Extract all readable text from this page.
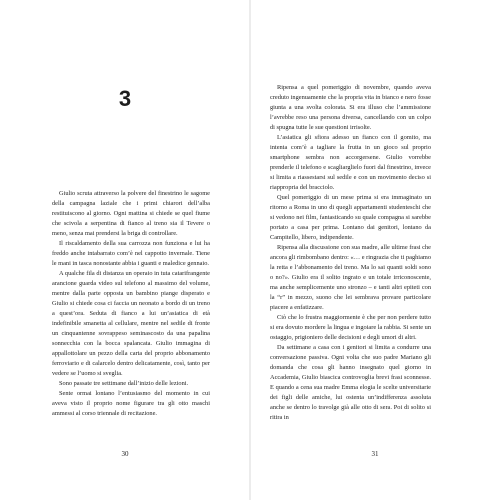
3

Giulio scruta attraverso la polvere del finestrino le sagome della campagna laziale che i primi chiarori dell’alba restituiscono al giorno. Ogni mattina si chiede se quel fiume che scivola a serpentina di fianco al treno sia il Tevere o meno, senza mai prendersi la briga di controllare.

Il riscaldamento della sua carrozza non funziona e lui ha freddo anche intabarrato com’è nel cappotto invernale. Tiene le mani in tasca nonostante abbia i guanti e maledice gennaio.

A qualche fila di distanza un operaio in tuta catarifrangente arancione guarda video sul telefono al massimo del volume, mentre dalla parte opposta un bambino piange disperato e Giulio si chiede cosa ci faccia un neonato a bordo di un treno a quest’ora. Seduta di fianco a lui un’asiatica di età indefinibile smanetta al cellulare, mentre nel sedile di fronte un cinquantenne sovrappeso seminascosto da una papalina sonnecchia con la bocca spalancata. Giulio immagina di appallottolare un pezzo della carta del proprio abbonamento ferroviario e di calarcelo dentro delicatamente, così, tanto per vedere se l’uomo si sveglia.

Sono passate tre settimane dall’inizio delle lezioni.

Sente ormai lontano l’entusiasmo del momento in cui aveva visto il proprio nome figurare tra gli otto maschi ammessi al corso triennale di recitazione.

30

Ripensa a quel pomeriggio di novembre, quando aveva creduto ingenuamente che la propria vita in bianco e nero fosse giunta a una svolta colorata. Si era illuso che l’ammissione l’avrebbe reso una persona diversa, cancellando con un colpo di spugna tutte le sue questioni irrisolte.

L’asiatica gli sfiora adesso un fianco con il gomito, ma intenta com’è a tagliare la frutta in un gioco sul proprio smartphone sembra non accorgersene. Giulio vorrebbe prenderle il telefono e scagliarglielo fuori dal finestrino, invece si limita a riassestarsi sul sedile e con un movimento deciso si riappropria del bracciolo.

Quel pomeriggio di un mese prima si era immaginato un ritorno a Roma in uno di quegli appartamenti studenteschi che si vedono nei film, fantasticando su quale compagna si sarebbe portato a casa per prima. Lontano dai genitori, lontano da Campitello, libero, indipendente.

Ripensa alla discussione con sua madre, alle ultime frasi che ancora gli rimbombano dentro: «… e ringrazia che ti paghiamo la retta e l’abbonamento del treno. Ma lo sai quanti soldi sono o no?». Giulio era il solito ingrato e un totale irriconoscente, ma anche semplicemente uno stronzo – e tanti altri epiteti con la “r” in mezzo, suono che lei sembrava provare particolare piacere a enfatizzare.

Ciò che lo frustra maggiormente è che per non perdere tutto si era dovuto mordere la lingua e ingoiare la rabbia. Si sente un ostaggio, prigioniero delle decisioni e degli umori di altri.

Da settimane a casa con i genitori si limita a condurre una conversazione passiva. Ogni volta che suo padre Mariano gli domanda che cosa gli hanno insegnato quel giorno in Accademia, Giulio biascica controvoglia brevi frasi sconnesse. E quando a cena sua madre Emma elogia le scelte universitarie dei figli delle amiche, lui ostenta un’indifferenza assoluta anche se dentro lo travolge già alle otto di sera. Poi di solito si ritira in

31
